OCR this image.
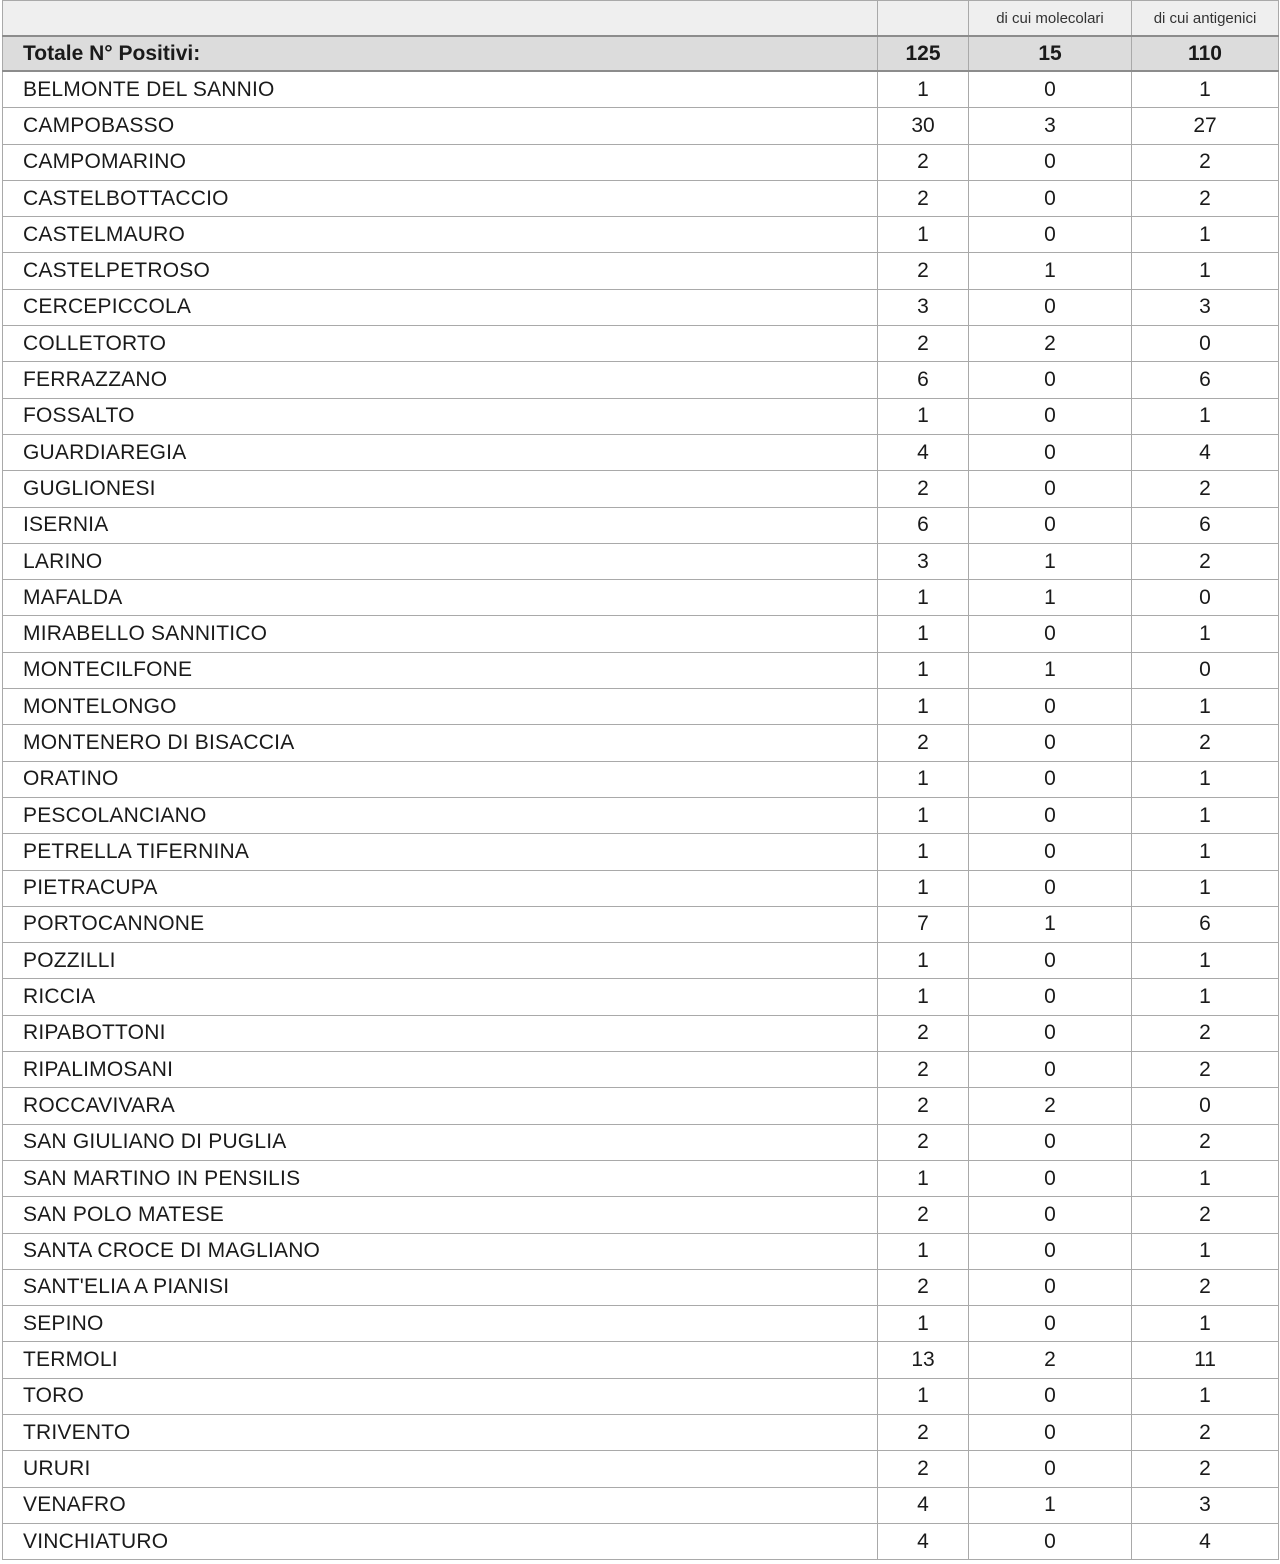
		di cui molecolari	di cui antigenici
Totale N° Positivi:	125	15	110
BELMONTE DEL SANNIO	1	0	1
CAMPOBASSO	30	3	27
CAMPOMARINO	2	0	2
CASTELBOTTACCIO	2	0	2
CASTELMAURO	1	0	1
CASTELPETROSO	2	1	1
CERCEPICCOLA	3	0	3
COLLETORTO	2	2	0
FERRAZZANO	6	0	6
FOSSALTO	1	0	1
GUARDIAREGIA	4	0	4
GUGLIONESI	2	0	2
ISERNIA	6	0	6
LARINO	3	1	2
MAFALDA	1	1	0
MIRABELLO SANNITICO	1	0	1
MONTECILFONE	1	1	0
MONTELONGO	1	0	1
MONTENERO DI BISACCIA	2	0	2
ORATINO	1	0	1
PESCOLANCIANO	1	0	1
PETRELLA TIFERNINA	1	0	1
PIETRACUPA	1	0	1
PORTOCANNONE	7	1	6
POZZILLI	1	0	1
RICCIA	1	0	1
RIPABOTTONI	2	0	2
RIPALIMOSANI	2	0	2
ROCCAVIVARA	2	2	0
SAN GIULIANO DI PUGLIA	2	0	2
SAN MARTINO IN PENSILIS	1	0	1
SAN POLO MATESE	2	0	2
SANTA CROCE DI MAGLIANO	1	0	1
SANT'ELIA A PIANISI	2	0	2
SEPINO	1	0	1
TERMOLI	13	2	11
TORO	1	0	1
TRIVENTO	2	0	2
URURI	2	0	2
VENAFRO	4	1	3
VINCHIATURO	4	0	4
